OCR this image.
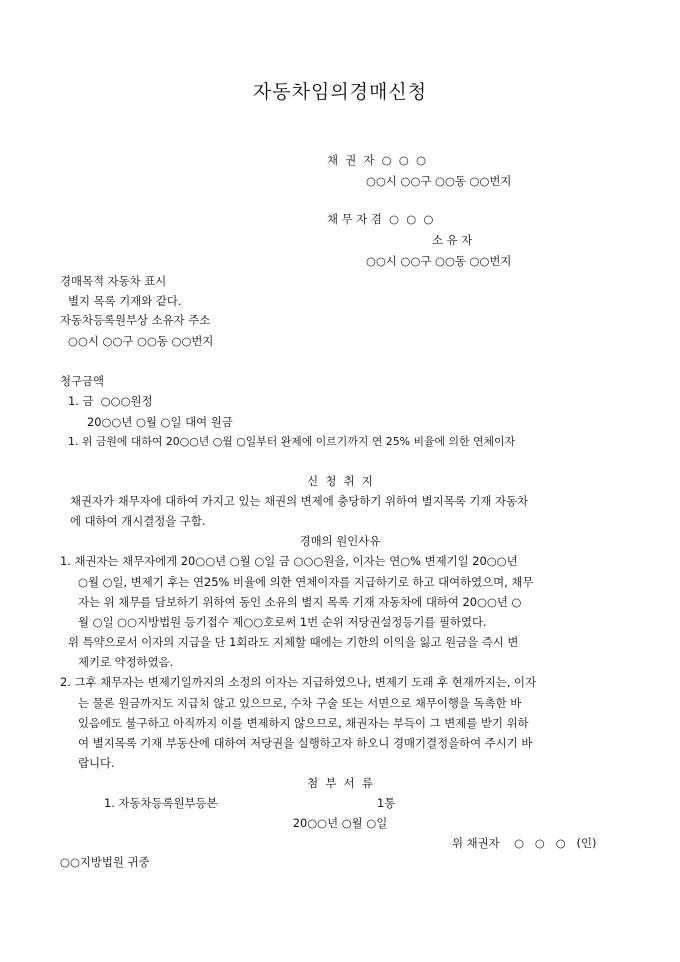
자동차임의경매신청
채  권  자  ○  ○  ○
○○시 ○○구 ○○동 ○○번지
채 무 자 겸  ○  ○  ○
소 유 자
○○시 ○○구 ○○동 ○○번지
경매목적 자동차 표시
별지 목록 기재와 같다.
자동차등록원부상 소유자 주소
○○시 ○○구 ○○동 ○○번지
청구금액
1. 금  ○○○원정
20○○년 ○월 ○일 대여 원금
1. 위 금원에 대하여 20○○년 ○월 ○일부터 완제에 이르기까지 연 25% 비율에 의한 연체이자
신  청  취  지
채권자가 채무자에 대하여 가지고 있는 채권의 변제에 충당하기 위하여 별지목록 기재 자동차
에 대하여 개시결정을 구함.
경매의 원인사유
1. 채권자는 채무자에게 20○○년 ○월 ○일 금 ○○○원을, 이자는 연○% 변제기일 20○○년
○월 ○일, 변제기 후는 연25% 비율에 의한 연체이자를 지급하기로 하고 대여하였으며, 채무
자는 위 채무를 담보하기 위하여 동인 소유의 별지 목록 기재 자동차에 대하여 20○○년 ○
월 ○일 ○○지방법원 등기접수 제○○호로써 1번 순위 저당권설정등기를 필하였다.
위 특약으로서 이자의 지급을 단 1회라도 지체할 때에는 기한의 이익을 잃고 원금을 즉시 변
제키로 약정하였음.
2. 그후 채무자는 변제기일까지의 소정의 이자는 지급하였으나, 변제기 도래 후 현재까지는, 이자
는 물론 원금까지도 지급치 않고 있으므로, 수차 구술 또는 서면으로 채무이행을 독촉한 바
있음에도 불구하고 아직까지 이를 변제하지 않으므로, 채권자는 부득이 그 변제를 받기 위하
여 별지목록 기재 부동산에 대하여 저당권을 실행하고자 하오니 경매기결정을하여 주시기 바
랍니다.
첨  부  서  류
1. 자동차등록원부등본	1통
20○○년 ○월 ○일
위 채권자    ○   ○   ○   (인)
○○지방법원 귀중
